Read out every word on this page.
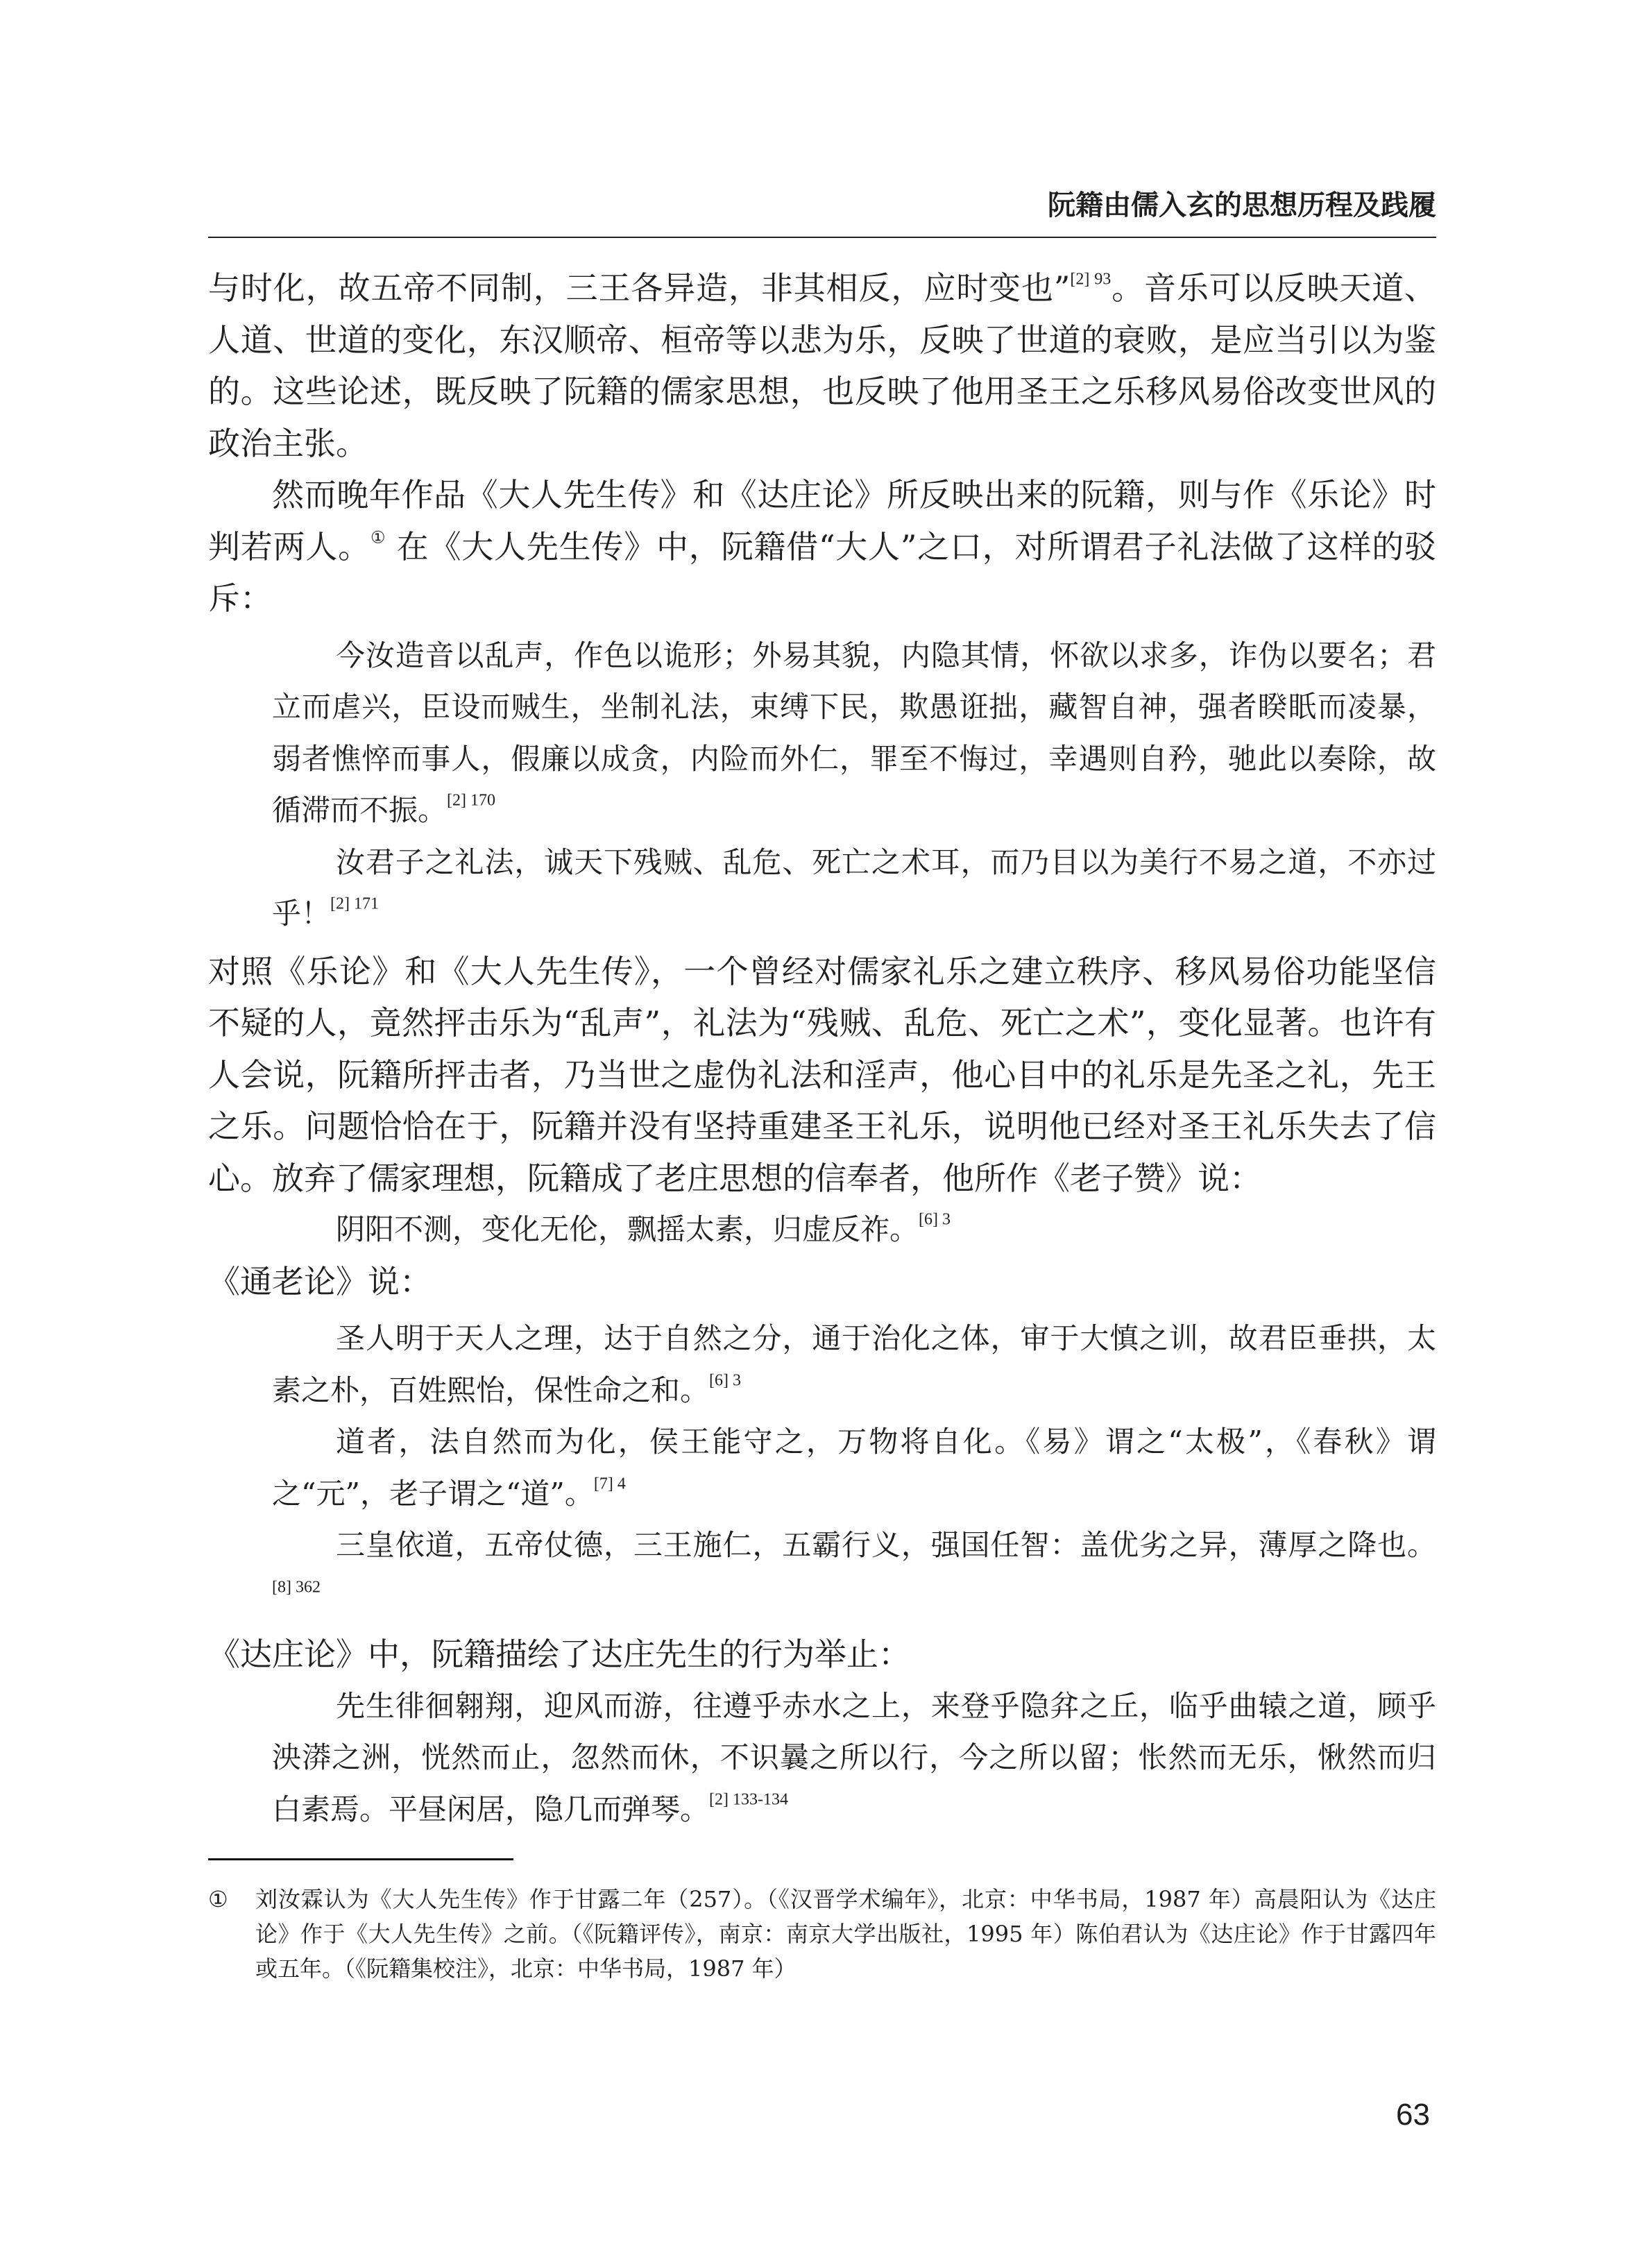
阮籍由儒入玄的思想历程及践履

与时化，故五帝不同制，三王各异造，非其相反，应时变也”$^{[2] 93}$。音乐可以反映天道、人道、世道的变化，东汉顺帝、桓帝等以悲为乐，反映了世道的衰败，是应当引以为鉴的。这些论述，既反映了阮籍的儒家思想，也反映了他用圣王之乐移风易俗改变世风的政治主张。

然而晚年作品《大人先生传》和《达庄论》所反映出来的阮籍，则与作《乐论》时判若两人。① 在《大人先生传》中，阮籍借“大人”之口，对所谓君子礼法做了这样的驳斥：

今汝造音以乱声，作色以诡形；外易其貌，内隐其情，怀欲以求多，诈伪以要名；君立而虐兴，臣设而贼生，坐制礼法，束缚下民，欺愚诳拙，藏智自神，强者睽眂而凌暴，弱者憔悴而事人，假廉以成贪，内险而外仁，罪至不悔过，幸遇则自矜，驰此以奏除，故循滞而不振。$^{[2] 170}$

汝君子之礼法，诚天下残贼、乱危、死亡之术耳，而乃目以为美行不易之道，不亦过乎！$^{[2] 171}$

对照《乐论》和《大人先生传》，一个曾经对儒家礼乐之建立秩序、移风易俗功能坚信不疑的人，竟然抨击乐为“乱声”，礼法为“残贼、乱危、死亡之术”，变化显著。也许有人会说，阮籍所抨击者，乃当世之虚伪礼法和淫声，他心目中的礼乐是先圣之礼，先王之乐。问题恰恰在于，阮籍并没有坚持重建圣王礼乐，说明他已经对圣王礼乐失去了信心。放弃了儒家理想，阮籍成了老庄思想的信奉者，他所作《老子赞》说：

阴阳不测，变化无伦，飘摇太素，归虚反祚。$^{[6] 3}$

《通老论》说：

圣人明于天人之理，达于自然之分，通于治化之体，审于大慎之训，故君臣垂拱，太素之朴，百姓熙怡，保性命之和。$^{[6] 3}$

道者，法自然而为化，侯王能守之，万物将自化。《易》谓之“太极”，《春秋》谓之“元”，老子谓之“道”。$^{[7] 4}$

三皇依道，五帝仗德，三王施仁，五霸行义，强国任智：盖优劣之异，薄厚之降也。$^{[8] 362}$

《达庄论》中，阮籍描绘了达庄先生的行为举止：

先生徘徊翱翔，迎风而游，往遵乎赤水之上，来登乎隐弅之丘，临乎曲辕之道，顾乎泱漭之洲，恍然而止，忽然而休，不识曩之所以行，今之所以留；怅然而无乐，愀然而归白素焉。平昼闲居，隐几而弹琴。$^{[2] 133-134}$

① 刘汝霖认为《大人先生传》作于甘露二年（257）。（《汉晋学术编年》，北京：中华书局，1987 年）高晨阳认为《达庄论》作于《大人先生传》之前。（《阮籍评传》，南京：南京大学出版社，1995 年）陈伯君认为《达庄论》作于甘露四年或五年。（《阮籍集校注》，北京：中华书局，1987 年）

63
